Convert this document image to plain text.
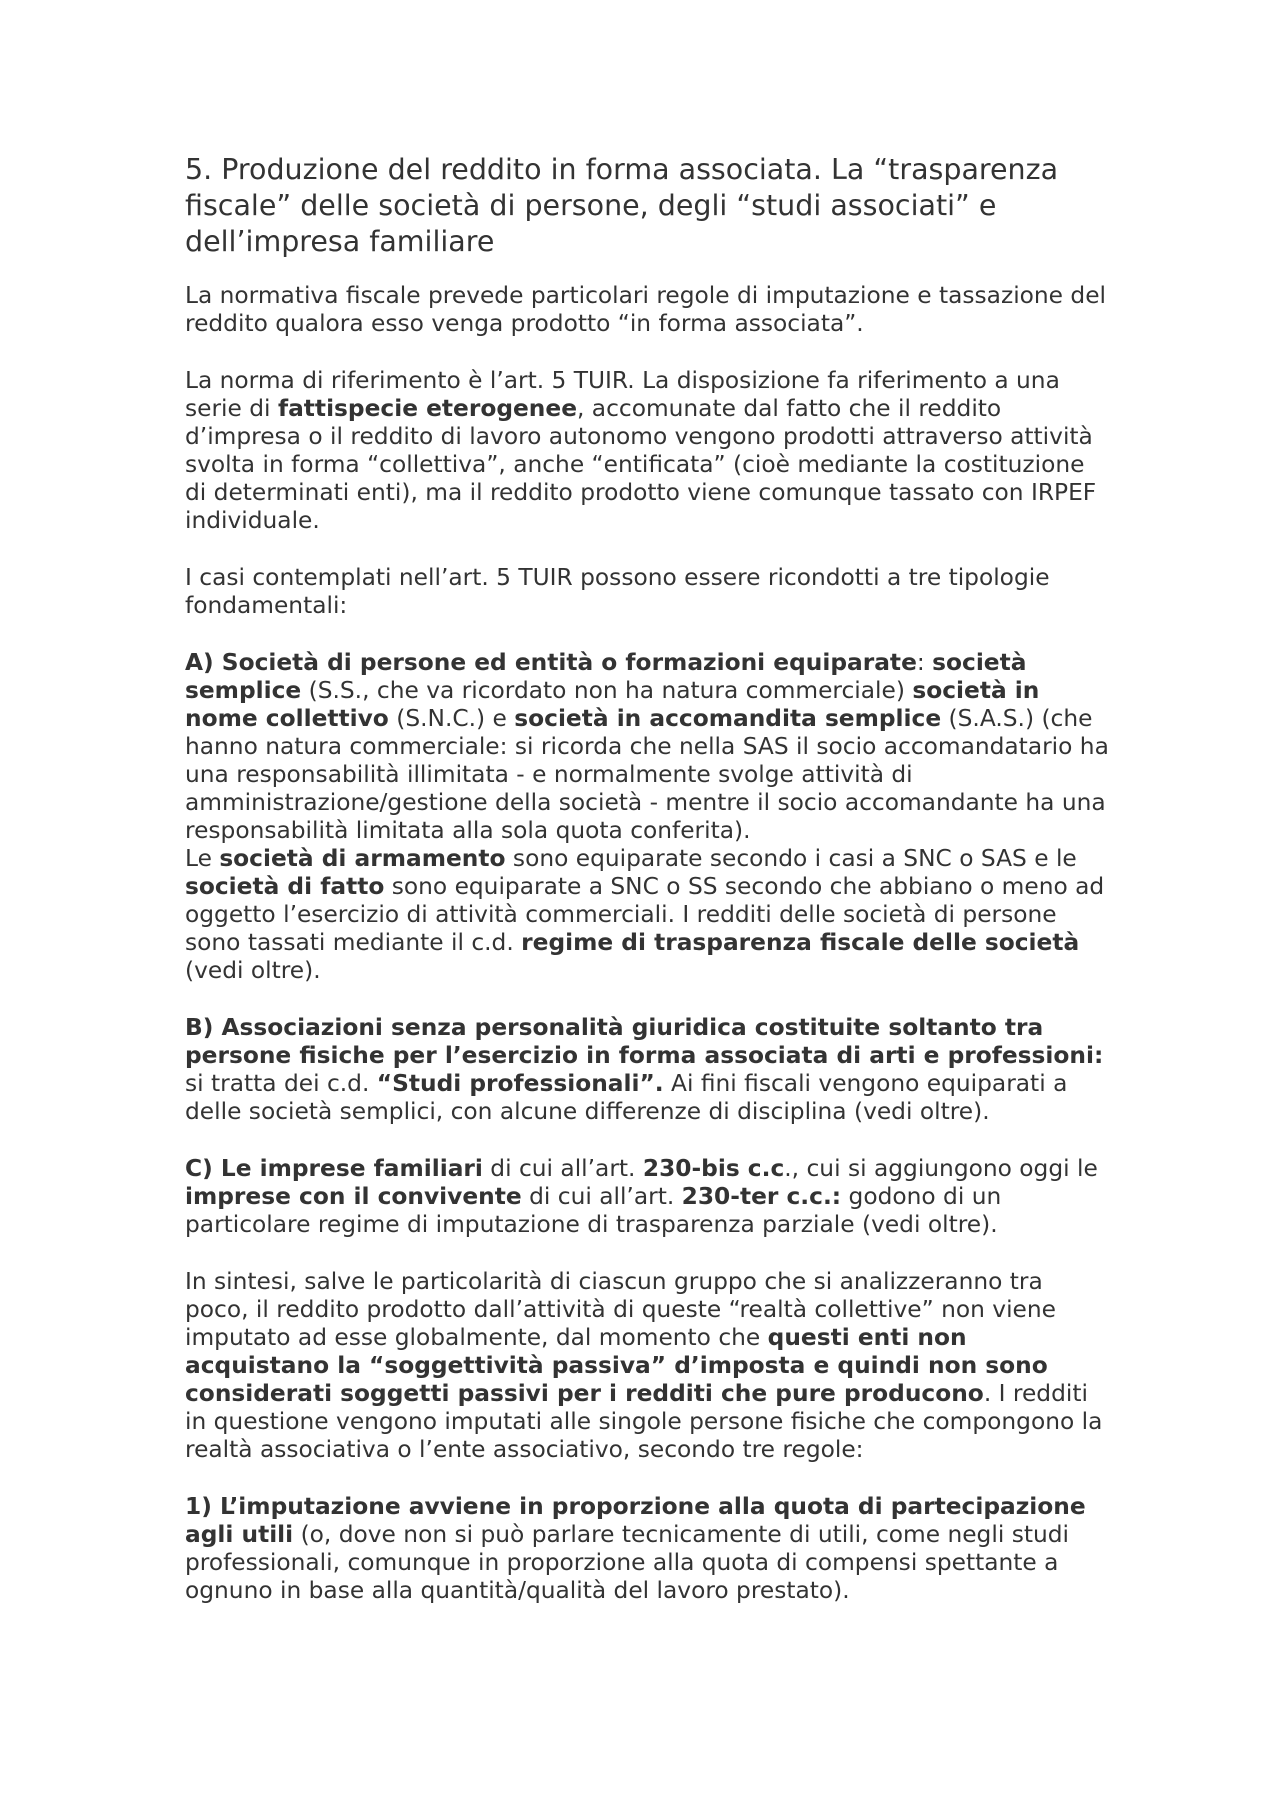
5. Produzione del reddito in forma associata. La “trasparenza fiscale” delle società di persone, degli “studi associati” e dell’impresa familiare

La normativa fiscale prevede particolari regole di imputazione e tassazione del reddito qualora esso venga prodotto “in forma associata”.

La norma di riferimento è l’art. 5 TUIR. La disposizione fa riferimento a una serie di fattispecie eterogenee, accomunate dal fatto che il reddito d’impresa o il reddito di lavoro autonomo vengono prodotti attraverso attività svolta in forma “collettiva”, anche “entificata” (cioè mediante la costituzione di determinati enti), ma il reddito prodotto viene comunque tassato con IRPEF individuale.

I casi contemplati nell’art. 5 TUIR possono essere ricondotti a tre tipologie fondamentali:

A) Società di persone ed entità o formazioni equiparate: società semplice (S.S., che va ricordato non ha natura commerciale) società in nome collettivo (S.N.C.) e società in accomandita semplice (S.A.S.) (che hanno natura commerciale: si ricorda che nella SAS il socio accomandatario ha una responsabilità illimitata - e normalmente svolge attività di amministrazione/gestione della società - mentre il socio accomandante ha una responsabilità limitata alla sola quota conferita).
Le società di armamento sono equiparate secondo i casi a SNC o SAS e le società di fatto sono equiparate a SNC o SS secondo che abbiano o meno ad oggetto l’esercizio di attività commerciali. I redditi delle società di persone sono tassati mediante il c.d. regime di trasparenza fiscale delle società (vedi oltre).

B) Associazioni senza personalità giuridica costituite soltanto tra persone fisiche per l’esercizio in forma associata di arti e professioni: si tratta dei c.d. “Studi professionali”. Ai fini fiscali vengono equiparati a delle società semplici, con alcune differenze di disciplina (vedi oltre).

C) Le imprese familiari di cui all’art. 230-bis c.c., cui si aggiungono oggi le imprese con il convivente di cui all’art. 230-ter c.c.: godono di un particolare regime di imputazione di trasparenza parziale (vedi oltre).

In sintesi, salve le particolarità di ciascun gruppo che si analizzeranno tra poco, il reddito prodotto dall’attività di queste “realtà collettive” non viene imputato ad esse globalmente, dal momento che questi enti non acquistano la “soggettività passiva” d’imposta e quindi non sono considerati soggetti passivi per i redditi che pure producono. I redditi in questione vengono imputati alle singole persone fisiche che compongono la realtà associativa o l’ente associativo, secondo tre regole:

1) L’imputazione avviene in proporzione alla quota di partecipazione agli utili (o, dove non si può parlare tecnicamente di utili, come negli studi professionali, comunque in proporzione alla quota di compensi spettante a ognuno in base alla quantità/qualità del lavoro prestato).
